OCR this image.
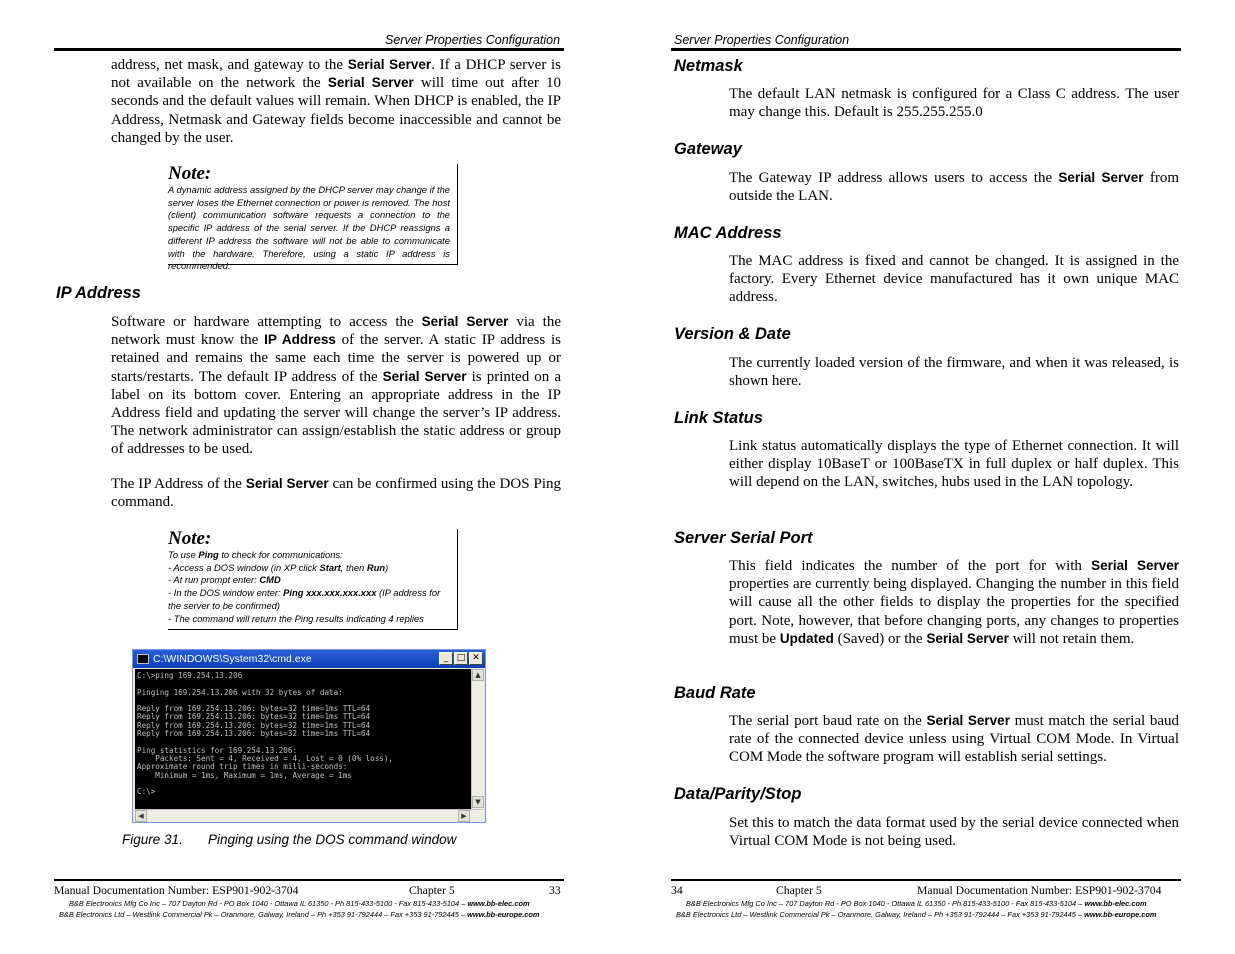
Server Properties Configuration

address, net mask, and gateway to the Serial Server. If a DHCP server is not available on the network the Serial Server will time out after 10 seconds and the default values will remain. When DHCP is enabled, the IP Address, Netmask and Gateway fields become inaccessible and cannot be changed by the user.

Note:
A dynamic address assigned by the DHCP server may change if the server loses the Ethernet connection or power is removed. The host (client) communication software requests a connection to the specific IP address of the serial server. If the DHCP reassigns a different IP address the software will not be able to communicate with the hardware. Therefore, using a static IP address is recommended.
IP Address

Software or hardware attempting to access the Serial Server via the network must know the IP Address of the server. A static IP address is retained and remains the same each time the server is powered up or starts/restarts. The default IP address of the Serial Server is printed on a label on its bottom cover. Entering an appropriate address in the IP Address field and updating the server will change the server’s IP address. The network administrator can assign/establish the static address or group of addresses to be used.

The IP Address of the Serial Server can be confirmed using the DOS Ping command.

Note:
To use Ping to check for communications:
- Access a DOS window (in XP click Start, then Run)
- At run prompt enter: CMD
- In the DOS window enter: Ping xxx.xxx.xxx.xxx (IP address for the server to be confirmed)
- The command will return the Ping results indicating 4 replies
C:\WINDOWS\System32\cmd.exe	_ □ ✕
C:\>ping 169.254.13.206

Pinging 169.254.13.206 with 32 bytes of data:

Reply from 169.254.13.206: bytes=32 time=1ms TTL=64
Reply from 169.254.13.206: bytes=32 time=1ms TTL=64
Reply from 169.254.13.206: bytes=32 time=1ms TTL=64
Reply from 169.254.13.206: bytes=32 time=1ms TTL=64

Ping statistics for 169.254.13.206:
Packets: Sent = 4, Received = 4, Lost = 0 (0% loss),
Approximate round trip times in milli-seconds:
Minimum = 1ms, Maximum = 1ms, Average = 1ms

C:\>
▲
▼
◀	▶
Figure 31. Pinging using the DOS command window
Manual Documentation Number: ESP901-902-3704	Chapter 5	33
B&B Electronics Mfg Co Inc – 707 Dayton Rd - PO Box 1040 - Ottawa IL 61350 - Ph 815-433-5100 - Fax 815-433-5104 – www.bb-elec.com
B&B Electronics Ltd – Westlink Commercial Pk – Oranmore, Galway, Ireland – Ph +353 91-792444 – Fax +353 91-792445 – www.bb-europe.com
Server Properties Configuration
Netmask

The default LAN netmask is configured for a Class C address. The user may change this. Default is 255.255.255.0

Gateway

The Gateway IP address allows users to access the Serial Server from outside the LAN.

MAC Address

The MAC address is fixed and cannot be changed. It is assigned in the factory. Every Ethernet device manufactured has it own unique MAC address.

Version & Date

The currently loaded version of the firmware, and when it was released, is shown here.

Link Status

Link status automatically displays the type of Ethernet connection. It will either display 10BaseT or 100BaseTX in full duplex or half duplex. This will depend on the LAN, switches, hubs used in the LAN topology.

Server Serial Port

This field indicates the number of the port for with Serial Server properties are currently being displayed. Changing the number in this field will cause all the other fields to display the properties for the specified port. Note, however, that before changing ports, any changes to properties must be Updated (Saved) or the Serial Server will not retain them.

Baud Rate

The serial port baud rate on the Serial Server must match the serial baud rate of the connected device unless using Virtual COM Mode. In Virtual COM Mode the software program will establish serial settings.

Data/Parity/Stop

Set this to match the data format used by the serial device connected when Virtual COM Mode is not being used.

34	Chapter 5	Manual Documentation Number: ESP901-902-3704
B&B Electronics Mfg Co Inc – 707 Dayton Rd - PO Box 1040 - Ottawa IL 61350 - Ph 815-433-5100 - Fax 815-433-5104 – www.bb-elec.com
B&B Electronics Ltd – Westlink Commercial Pk – Oranmore, Galway, Ireland – Ph +353 91-792444 – Fax +353 91-792445 – www.bb-europe.com
